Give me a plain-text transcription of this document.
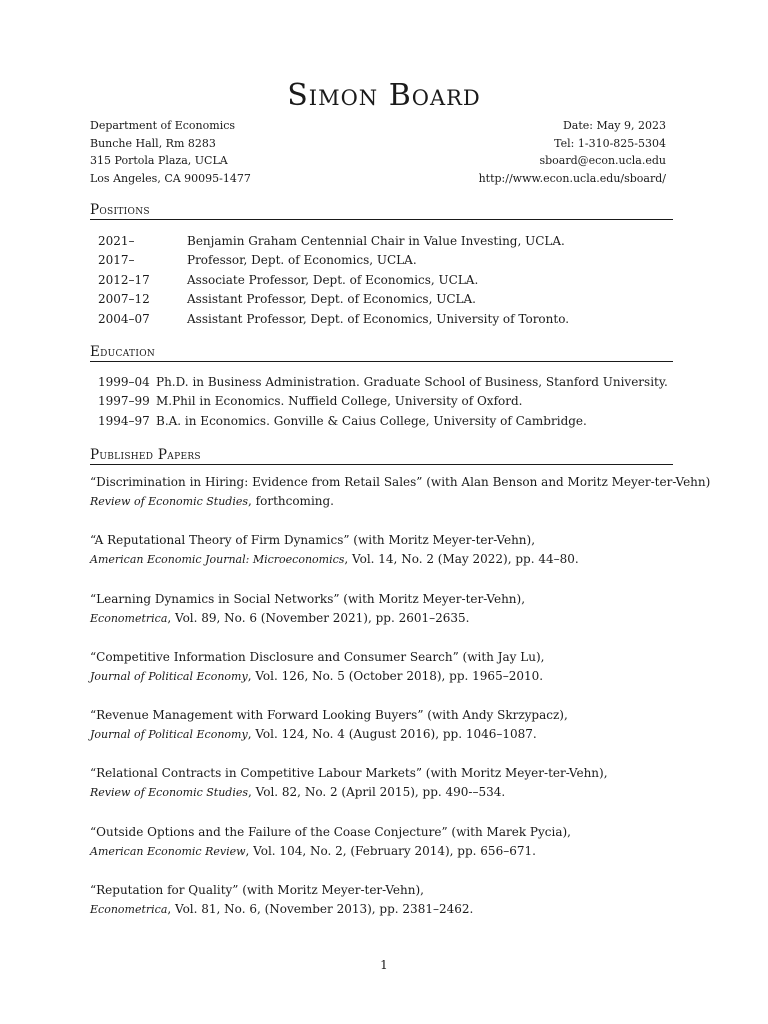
Simon Board
Department of Economics
Bunche Hall, Rm 8283
315 Portola Plaza, UCLA
Los Angeles, CA 90095-1477
Date: May 9, 2023
Tel: 1-310-825-5304
sboard@econ.ucla.edu
http://www.econ.ucla.edu/sboard/
Positions
2021–	Benjamin Graham Centennial Chair in Value Investing, UCLA.
2017–	Professor, Dept. of Economics, UCLA.
2012–17	Associate Professor, Dept. of Economics, UCLA.
2007–12	Assistant Professor, Dept. of Economics, UCLA.
2004–07	Assistant Professor, Dept. of Economics, University of Toronto.
Education
1999–04 Ph.D. in Business Administration. Graduate School of Business, Stanford University.
1997–99 M.Phil in Economics. Nuffield College, University of Oxford.
1994–97 B.A. in Economics. Gonville & Caius College, University of Cambridge.
Published Papers
“Discrimination in Hiring: Evidence from Retail Sales” (with Alan Benson and Moritz Meyer-ter-Vehn)
Review of Economic Studies, forthcoming.
“A Reputational Theory of Firm Dynamics” (with Moritz Meyer-ter-Vehn),
American Economic Journal: Microeconomics, Vol. 14, No. 2 (May 2022), pp. 44–80.
“Learning Dynamics in Social Networks” (with Moritz Meyer-ter-Vehn),
Econometrica, Vol. 89, No. 6 (November 2021), pp. 2601–2635.
“Competitive Information Disclosure and Consumer Search” (with Jay Lu),
Journal of Political Economy, Vol. 126, No. 5 (October 2018), pp. 1965–2010.
“Revenue Management with Forward Looking Buyers” (with Andy Skrzypacz),
Journal of Political Economy, Vol. 124, No. 4 (August 2016), pp. 1046–1087.
“Relational Contracts in Competitive Labour Markets” (with Moritz Meyer-ter-Vehn),
Review of Economic Studies, Vol. 82, No. 2 (April 2015), pp. 490-–534.
“Outside Options and the Failure of the Coase Conjecture” (with Marek Pycia),
American Economic Review, Vol. 104, No. 2, (February 2014), pp. 656–671.
“Reputation for Quality” (with Moritz Meyer-ter-Vehn),
Econometrica, Vol. 81, No. 6, (November 2013), pp. 2381–2462.
1
